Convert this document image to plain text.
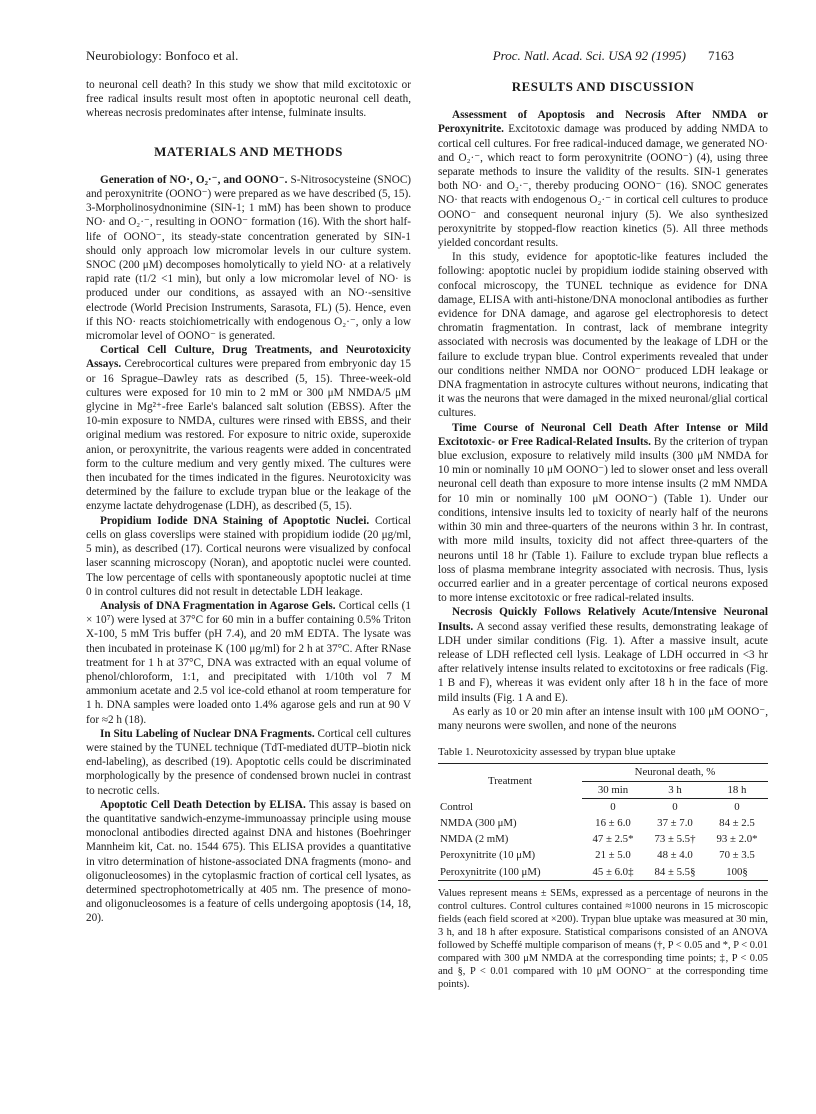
Neurobiology: Bonfoco et al.	Proc. Natl. Acad. Sci. USA 92 (1995) 7163

to neuronal cell death? In this study we show that mild excitotoxic or free radical insults result most often in apoptotic neuronal cell death, whereas necrosis predominates after intense, fulminate insults.

MATERIALS AND METHODS

Generation of NO·, O₂·⁻, and OONO⁻. S-Nitrosocysteine (SNOC) and peroxynitrite (OONO⁻) were prepared as we have described (5, 15). 3-Morpholinosydnonimine (SIN-1; 1 mM) has been shown to produce NO· and O₂·⁻, resulting in OONO⁻ formation (16). With the short half-life of OONO⁻, its steady-state concentration generated by SIN-1 should only approach low micromolar levels in our culture system. SNOC (200 μM) decomposes homolytically to yield NO· at a relatively rapid rate (t1/2 <1 min), but only a low micromolar level of NO· is produced under our conditions, as assayed with an NO·-sensitive electrode (World Precision Instruments, Sarasota, FL) (5). Hence, even if this NO· reacts stoichiometrically with endogenous O₂·⁻, only a low micromolar level of OONO⁻ is generated.

Cortical Cell Culture, Drug Treatments, and Neurotoxicity Assays. Cerebrocortical cultures were prepared from embryonic day 15 or 16 Sprague–Dawley rats as described (5, 15). Three-week-old cultures were exposed for 10 min to 2 mM or 300 μM NMDA/5 μM glycine in Mg²⁺-free Earle's balanced salt solution (EBSS). After the 10-min exposure to NMDA, cultures were rinsed with EBSS, and their original medium was restored. For exposure to nitric oxide, superoxide anion, or peroxynitrite, the various reagents were added in concentrated form to the culture medium and very gently mixed. The cultures were then incubated for the times indicated in the figures. Neurotoxicity was determined by the failure to exclude trypan blue or the leakage of the enzyme lactate dehydrogenase (LDH), as described (5, 15).

Propidium Iodide DNA Staining of Apoptotic Nuclei. Cortical cells on glass coverslips were stained with propidium iodide (20 μg/ml, 5 min), as described (17). Cortical neurons were visualized by confocal laser scanning microscopy (Noran), and apoptotic nuclei were counted. The low percentage of cells with spontaneously apoptotic nuclei at time 0 in control cultures did not result in detectable LDH leakage.

Analysis of DNA Fragmentation in Agarose Gels. Cortical cells (1 × 10⁷) were lysed at 37°C for 60 min in a buffer containing 0.5% Triton X-100, 5 mM Tris buffer (pH 7.4), and 20 mM EDTA. The lysate was then incubated in proteinase K (100 μg/ml) for 2 h at 37°C. After RNase treatment for 1 h at 37°C, DNA was extracted with an equal volume of phenol/chloroform, 1:1, and precipitated with 1/10th vol 7 M ammonium acetate and 2.5 vol ice-cold ethanol at room temperature for 1 h. DNA samples were loaded onto 1.4% agarose gels and run at 90 V for ≈2 h (18).

In Situ Labeling of Nuclear DNA Fragments. Cortical cell cultures were stained by the TUNEL technique (TdT-mediated dUTP–biotin nick end-labeling), as described (19). Apoptotic cells could be discriminated morphologically by the presence of condensed brown nuclei in contrast to necrotic cells.

Apoptotic Cell Death Detection by ELISA. This assay is based on the quantitative sandwich-enzyme-immunoassay principle using mouse monoclonal antibodies directed against DNA and histones (Boehringer Mannheim kit, Cat. no. 1544 675). This ELISA provides a quantitative in vitro determination of histone-associated DNA fragments (mono- and oligonucleosomes) in the cytoplasmic fraction of cortical cell lysates, as determined spectrophotometrically at 405 nm. The presence of mono- and oligonucleosomes is a feature of cells undergoing apoptosis (14, 18, 20).

RESULTS AND DISCUSSION

Assessment of Apoptosis and Necrosis After NMDA or Peroxynitrite. Excitotoxic damage was produced by adding NMDA to cortical cell cultures. For free radical-induced damage, we generated NO· and O₂·⁻, which react to form peroxynitrite (OONO⁻) (4), using three separate methods to insure the validity of the results. SIN-1 generates both NO· and O₂·⁻, thereby producing OONO⁻ (16). SNOC generates NO· that reacts with endogenous O₂·⁻ in cortical cell cultures to produce OONO⁻ and consequent neuronal injury (5). We also synthesized peroxynitrite by stopped-flow reaction kinetics (5). All three methods yielded concordant results.

In this study, evidence for apoptotic-like features included the following: apoptotic nuclei by propidium iodide staining observed with confocal microscopy, the TUNEL technique as evidence for DNA damage, ELISA with anti-histone/DNA monoclonal antibodies as further evidence for DNA damage, and agarose gel electrophoresis to detect chromatin fragmentation. In contrast, lack of membrane integrity associated with necrosis was documented by the leakage of LDH or the failure to exclude trypan blue. Control experiments revealed that under our conditions neither NMDA nor OONO⁻ produced LDH leakage or DNA fragmentation in astrocyte cultures without neurons, indicating that it was the neurons that were damaged in the mixed neuronal/glial cortical cultures.

Time Course of Neuronal Cell Death After Intense or Mild Excitotoxic- or Free Radical-Related Insults. By the criterion of trypan blue exclusion, exposure to relatively mild insults (300 μM NMDA for 10 min or nominally 10 μM OONO⁻) led to slower onset and less overall neuronal cell death than exposure to more intense insults (2 mM NMDA for 10 min or nominally 100 μM OONO⁻) (Table 1). Under our conditions, intensive insults led to toxicity of nearly half of the neurons within 30 min and three-quarters of the neurons within 3 hr. In contrast, with more mild insults, toxicity did not affect three-quarters of the neurons until 18 hr (Table 1). Failure to exclude trypan blue reflects a loss of plasma membrane integrity associated with necrosis. Thus, lysis occurred earlier and in a greater percentage of cortical neurons exposed to more intense excitotoxic or free radical-related insults.

Necrosis Quickly Follows Relatively Acute/Intensive Neuronal Insults. A second assay verified these results, demonstrating leakage of LDH under similar conditions (Fig. 1). After a massive insult, acute release of LDH reflected cell lysis. Leakage of LDH occurred in <3 hr after relatively intense insults related to excitotoxins or free radicals (Fig. 1 B and F), whereas it was evident only after 18 h in the face of more mild insults (Fig. 1 A and E).

As early as 10 or 20 min after an intense insult with 100 μM OONO⁻, many neurons were swollen, and none of the neurons

Table 1. Neurotoxicity assessed by trypan blue uptake
Treatment	Neuronal death, %		
	30 min	3 h	18 h
Control	0	0	0
NMDA (300 μM)	16 ± 6.0	37 ± 7.0	84 ± 2.5
NMDA (2 mM)	47 ± 2.5*	73 ± 5.5†	93 ± 2.0*
Peroxynitrite (10 μM)	21 ± 5.0	48 ± 4.0	70 ± 3.5
Peroxynitrite (100 μM)	45 ± 6.0‡	84 ± 5.5§	100§

Values represent means ± SEMs, expressed as a percentage of neurons in the control cultures. Control cultures contained ≈1000 neurons in 15 microscopic fields (each field scored at ×200). Trypan blue uptake was measured at 30 min, 3 h, and 18 h after exposure. Statistical comparisons consisted of an ANOVA followed by Scheffé multiple comparison of means (†, P < 0.05 and *, P < 0.01 compared with 300 μM NMDA at the corresponding time points; ‡, P < 0.05 and §, P < 0.01 compared with 10 μM OONO⁻ at the corresponding time points).
